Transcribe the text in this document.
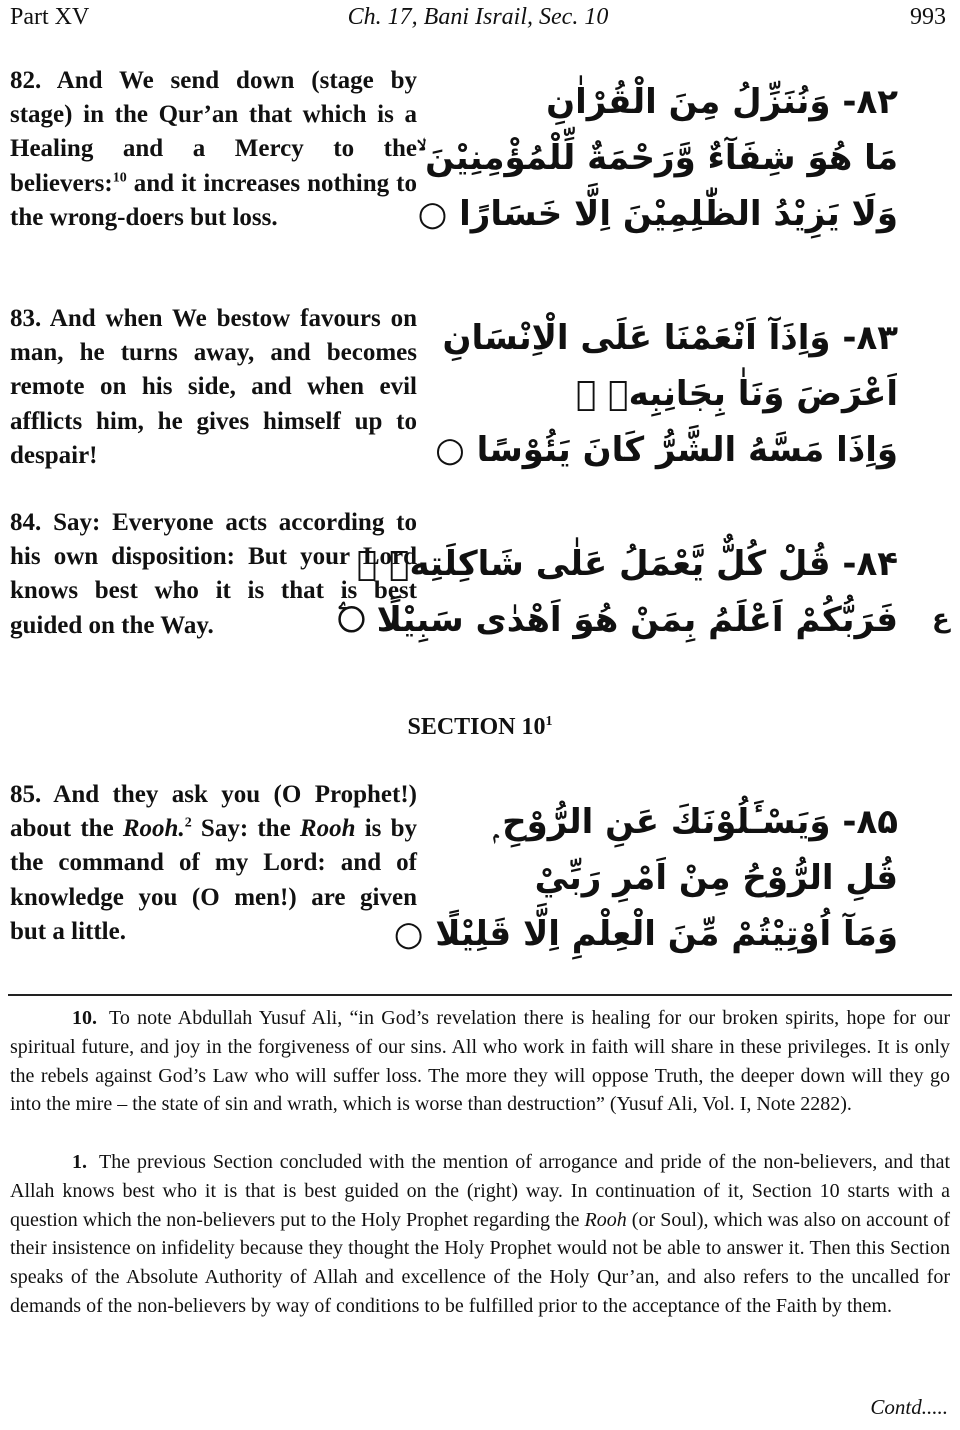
Part XV	Ch. 17, Bani Israil, Sec. 10	993
82. And We send down (stage by stage) in the Qur’an that which is a Healing and a Mercy to the believers:$^{10}$ and it increases nothing to the wrong-doers but loss.
۸۲- وَنُنَزِّلُ مِنَ الْقُرْاٰنِ
مَا هُوَ شِفَآءٌ وَّرَحْمَةٌ لِّلْمُؤْمِنِيْنَ ۙ
وَلَا يَزِيْدُ الظّٰلِمِيْنَ اِلَّا خَسَارًا ○
83. And when We bestow favours on man, he turns away, and becomes remote on his side, and when evil afflicts him, he gives himself up to despair!
۸۳- وَاِذَآ اَنْعَمْنَا عَلَى الْاِنْسَانِ
اَعْرَضَ وَنَاٰ بِجَانِبِهٖ ۚ
وَاِذَا مَسَّهُ الشَّرُّ كَانَ يَئُوْسًا ○
84. Say: Everyone acts according to his own disposition: But your Lord knows best who it is that is best guided on the Way.
۸۴- قُلْ كُلٌّ يَّعْمَلُ عَلٰى شَاكِلَتِهٖ ۗ
فَرَبُّكُمْ اَعْلَمُ بِمَنْ هُوَ اَهْدٰى سَبِيْلًا ○ۧ ع
SECTION $10^1$
85. And they ask you (O Prophet!) about the Rooh.$^2$ Say: the Rooh is by the command of my Lord: and of knowledge you (O men!) are given but a little.
۸۵- وَيَسْـَٔلُوْنَكَ عَنِ الرُّوْحِ ۭ
قُلِ الرُّوْحُ مِنْ اَمْرِ رَبِّيْ
وَمَآ اُوْتِيْتُمْ مِّنَ الْعِلْمِ اِلَّا قَلِيْلًا ○
10. To note Abdullah Yusuf Ali, “in God’s revelation there is healing for our broken spirits, hope for our spiritual future, and joy in the forgiveness of our sins. All who work in faith will share in these privileges. It is only the rebels against God’s Law who will suffer loss. The more they will oppose Truth, the deeper down will they go into the mire – the state of sin and wrath, which is worse than destruction” (Yusuf Ali, Vol. I, Note 2282).
1. The previous Section concluded with the mention of arrogance and pride of the non-believers, and that Allah knows best who it is that is best guided on the (right) way. In continuation of it, Section 10 starts with a question which the non-believers put to the Holy Prophet regarding the Rooh (or Soul), which was also on account of their insistence on infidelity because they thought the Holy Prophet would not be able to answer it. Then this Section speaks of the Absolute Authority of Allah and excellence of the Holy Qur’an, and also refers to the uncalled for demands of the non-believers by way of conditions to be fulfilled prior to the acceptance of the Faith by them.
Contd.....
